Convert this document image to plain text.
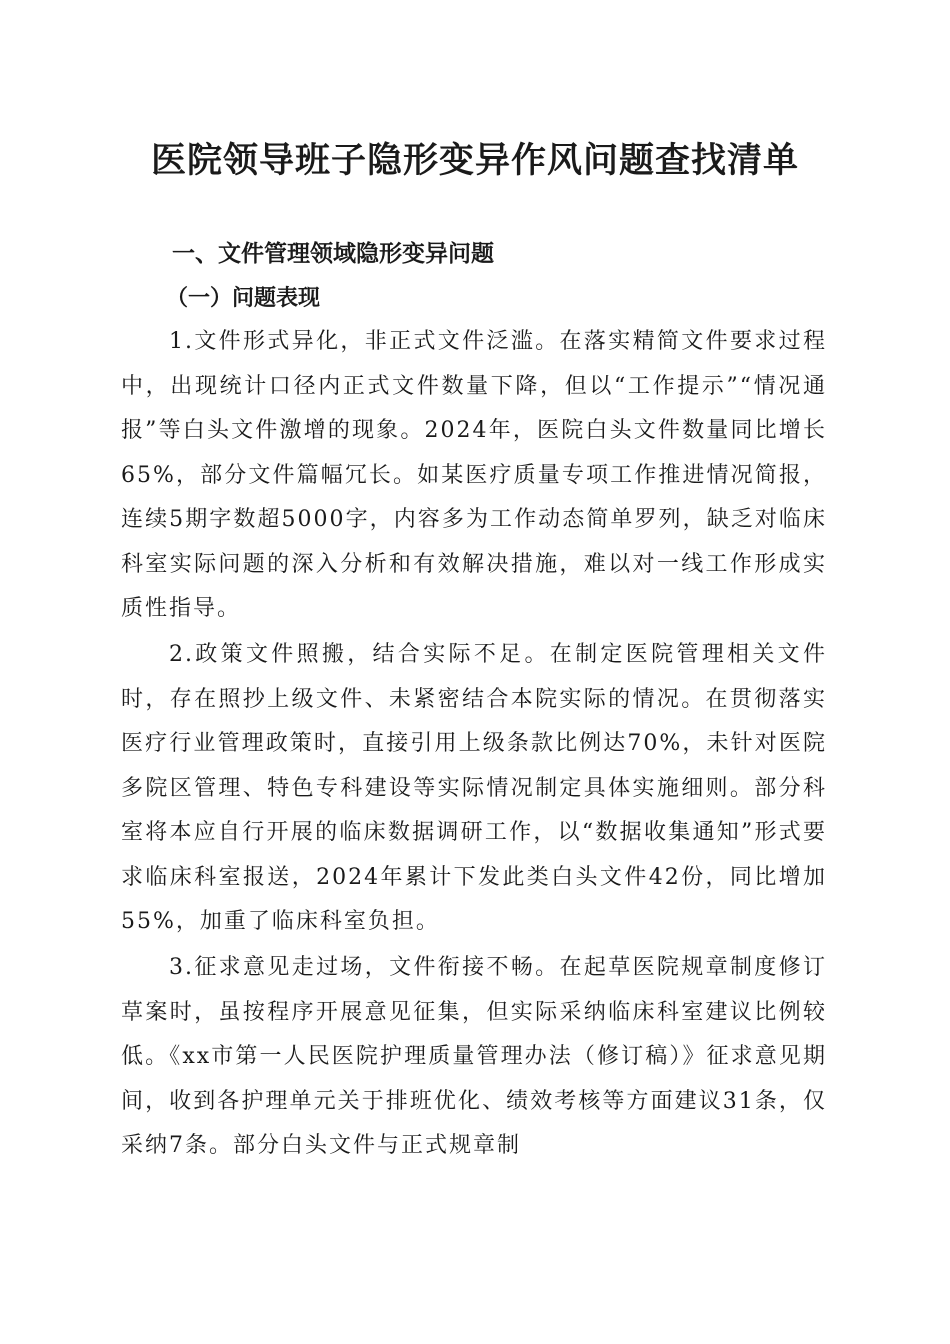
医院领导班子隐形变异作风问题查找清单
一、文件管理领域隐形变异问题
（一）问题表现

1.文件形式异化，非正式文件泛滥。在落实精简文件要求过程中，出现统计口径内正式文件数量下降，但以“工作提示”“情况通报”等白头文件激增的现象。2024年，医院白头文件数量同比增长65%，部分文件篇幅冗长。如某医疗质量专项工作推进情况简报，连续5期字数超5000字，内容多为工作动态简单罗列，缺乏对临床科室实际问题的深入分析和有效解决措施，难以对一线工作形成实质性指导。

2.政策文件照搬，结合实际不足。在制定医院管理相关文件时，存在照抄上级文件、未紧密结合本院实际的情况。在贯彻落实医疗行业管理政策时，直接引用上级条款比例达70%，未针对医院多院区管理、特色专科建设等实际情况制定具体实施细则。部分科室将本应自行开展的临床数据调研工作，以“数据收集通知”形式要求临床科室报送，2024年累计下发此类白头文件42份，同比增加55%，加重了临床科室负担。

3.征求意见走过场，文件衔接不畅。在起草医院规章制度修订草案时，虽按程序开展意见征集，但实际采纳临床科室建议比例较低。《xx市第一人民医院护理质量管理办法（修订稿）》征求意见期间，收到各护理单元关于排班优化、绩效考核等方面建议31条，仅采纳7条。部分白头文件与正式规章制
